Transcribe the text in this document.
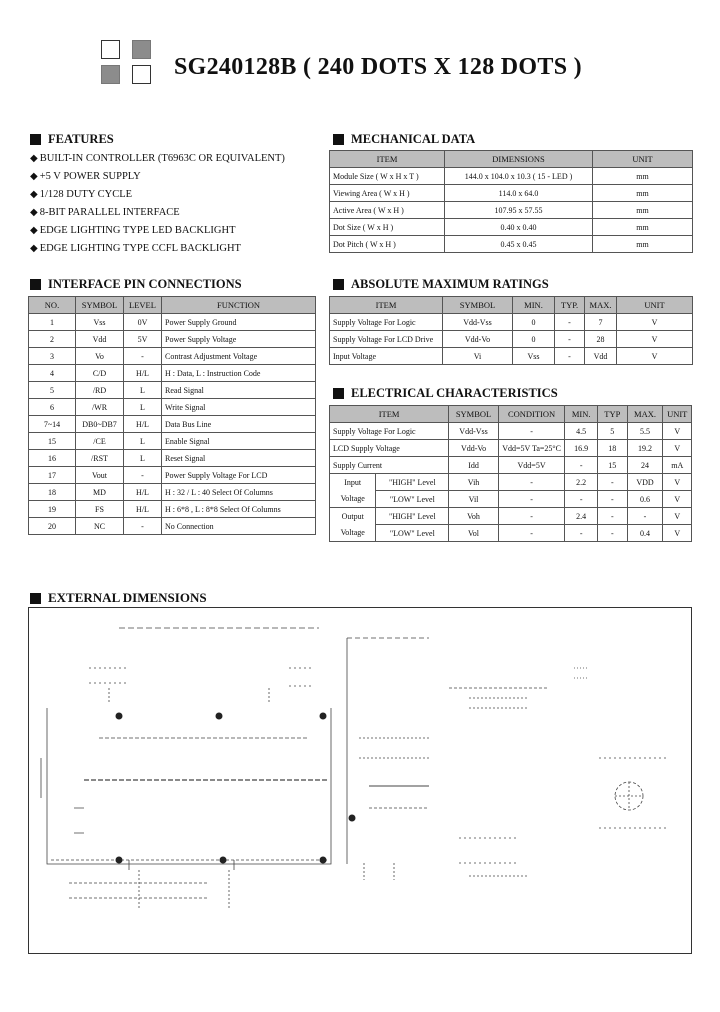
SG240128B ( 240 DOTS X 128 DOTS )
FEATURES
◆ BUILT-IN CONTROLLER (T6963C OR EQUIVALENT)
◆ +5 V POWER SUPPLY
◆ 1/128 DUTY CYCLE
◆ 8-BIT PARALLEL INTERFACE
◆ EDGE LIGHTING TYPE LED BACKLIGHT
◆ EDGE LIGHTING TYPE CCFL BACKLIGHT
MECHANICAL DATA
ITEM	DIMENSIONS	UNIT
Module Size ( W x H x T )	144.0 x 104.0 x 10.3 ( 15 - LED )	mm
Viewing Area ( W x H )	114.0 x 64.0	mm
Active Area ( W x H )	107.95 x 57.55	mm
Dot Size ( W x H )	0.40 x 0.40	mm
Dot Pitch ( W x H )	0.45 x 0.45	mm
INTERFACE PIN CONNECTIONS
NO.	SYMBOL	LEVEL	FUNCTION
1	Vss	0V	Power Supply Ground
2	Vdd	5V	Power Supply Voltage
3	Vo	-	Contrast Adjustment Voltage
4	C/D	H/L	H : Data, L : Instruction Code
5	/RD	L	Read Signal
6	/WR	L	Write Signal
7~14	DB0~DB7	H/L	Data Bus Line
15	/CE	L	Enable Signal
16	/RST	L	Reset Signal
17	Vout	-	Power Supply Voltage For LCD
18	MD	H/L	H : 32 / L : 40 Select Of Columns
19	FS	H/L	H : 6*8 , L : 8*8 Select Of Columns
20	NC	-	No Connection
ABSOLUTE MAXIMUM RATINGS
ITEM	SYMBOL	MIN.	TYP.	MAX.	UNIT
Supply Voltage For Logic	Vdd-Vss	0	-	7	V
Supply Voltage For LCD Drive	Vdd-Vo	0	-	28	V
Input Voltage	Vi	Vss	-	Vdd	V
ELECTRICAL CHARACTERISTICS
ITEM		SYMBOL	CONDITION	MIN.	TYP	MAX.	UNIT
Supply Voltage For Logic		Vdd-Vss	-	4.5	5	5.5	V
LCD Supply Voltage		Vdd-Vo	Vdd=5V Ta=25°C	16.9	18	19.2	V
Supply Current		Idd	Vdd=5V	-	15	24	mA
Input	"HIGH" Level	Vih	-	2.2	-	VDD	V
Voltage	"LOW" Level	Vil	-	-	-	0.6	V
Output	"HIGH" Level	Voh	-	2.4	-	-	V
Voltage	"LOW" Level	Vol	-	-	-	0.4	V
EXTERNAL DIMENSIONS
